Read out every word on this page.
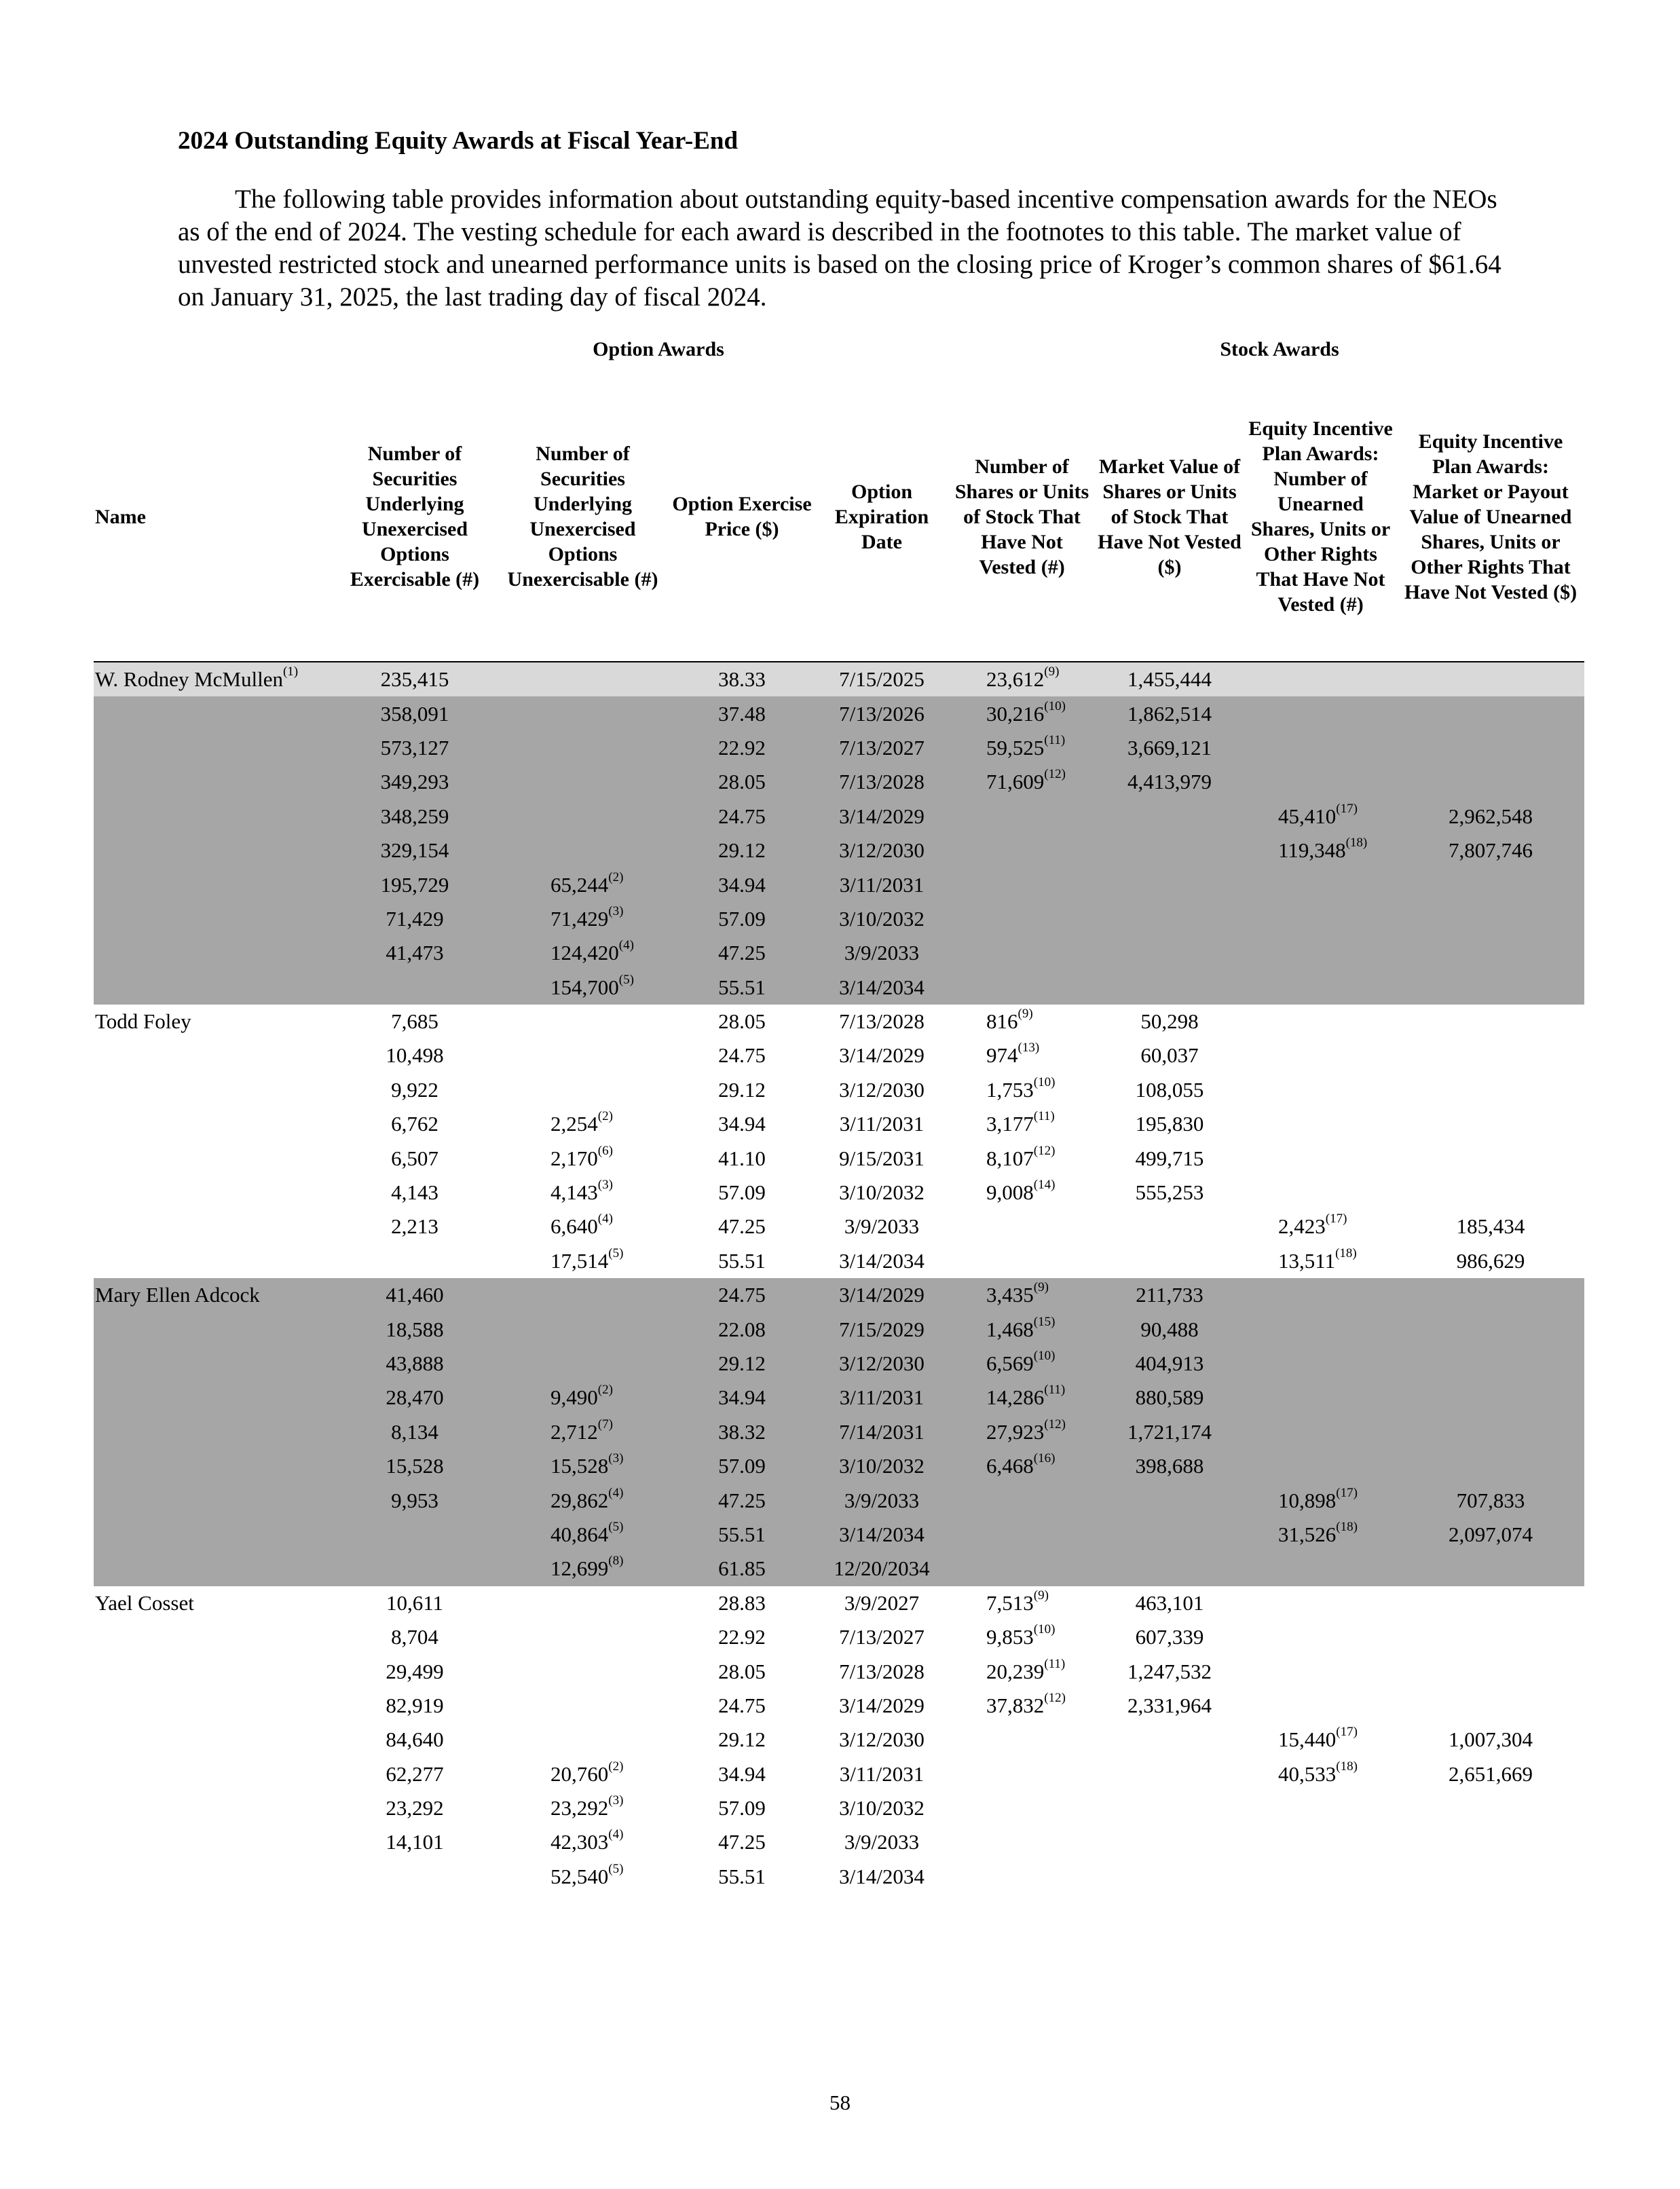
2024 Outstanding Equity Awards at Fiscal Year-End

The following table provides information about outstanding equity-based incentive compensation awards for the NEOs as of the end of 2024. The vesting schedule for each award is described in the footnotes to this table. The market value of unvested restricted stock and unearned performance units is based on the closing price of Kroger’s common shares of $61.64 on January 31, 2025, the last trading day of fiscal 2024.

Option Awards	Stock Awards
Name	Number of Securities Underlying Unexercised Options Exercisable (#)	Number of Securities Underlying Unexercised Options Unexercisable (#)	Option Exercise Price ($)	Option Expiration Date	Number of Shares or Units of Stock That Have Not Vested (#)	Market Value of Shares or Units of Stock That Have Not Vested ($)	Equity Incentive Plan Awards: Number of Unearned Shares, Units or Other Rights That Have Not Vested (#)	Equity Incentive Plan Awards: Market or Payout Value of Unearned Shares, Units or Other Rights That Have Not Vested ($)
W. Rodney McMullen$^{(1)}$	235,415		38.33	7/15/2025	23,612$^{(9)}$	1,455,444		
	358,091		37.48	7/13/2026	30,216$^{(10)}$	1,862,514		
	573,127		22.92	7/13/2027	59,525$^{(11)}$	3,669,121		
	349,293		28.05	7/13/2028	71,609$^{(12)}$	4,413,979		
	348,259		24.75	3/14/2029			45,410$^{(17)}$	2,962,548
	329,154		29.12	3/12/2030			119,348$^{(18)}$	7,807,746
	195,729	65,244$^{(2)}$	34.94	3/11/2031				
	71,429	71,429$^{(3)}$	57.09	3/10/2032				
	41,473	124,420$^{(4)}$	47.25	3/9/2033				
		154,700$^{(5)}$	55.51	3/14/2034				
Todd Foley	7,685		28.05	7/13/2028	816$^{(9)}$	50,298		
	10,498		24.75	3/14/2029	974$^{(13)}$	60,037		
	9,922		29.12	3/12/2030	1,753$^{(10)}$	108,055		
	6,762	2,254$^{(2)}$	34.94	3/11/2031	3,177$^{(11)}$	195,830		
	6,507	2,170$^{(6)}$	41.10	9/15/2031	8,107$^{(12)}$	499,715		
	4,143	4,143$^{(3)}$	57.09	3/10/2032	9,008$^{(14)}$	555,253		
	2,213	6,640$^{(4)}$	47.25	3/9/2033			2,423$^{(17)}$	185,434
		17,514$^{(5)}$	55.51	3/14/2034			13,511$^{(18)}$	986,629
Mary Ellen Adcock	41,460		24.75	3/14/2029	3,435$^{(9)}$	211,733		
	18,588		22.08	7/15/2029	1,468$^{(15)}$	90,488		
	43,888		29.12	3/12/2030	6,569$^{(10)}$	404,913		
	28,470	9,490$^{(2)}$	34.94	3/11/2031	14,286$^{(11)}$	880,589		
	8,134	2,712$^{(7)}$	38.32	7/14/2031	27,923$^{(12)}$	1,721,174		
	15,528	15,528$^{(3)}$	57.09	3/10/2032	6,468$^{(16)}$	398,688		
	9,953	29,862$^{(4)}$	47.25	3/9/2033			10,898$^{(17)}$	707,833
		40,864$^{(5)}$	55.51	3/14/2034			31,526$^{(18)}$	2,097,074
		12,699$^{(8)}$	61.85	12/20/2034				
Yael Cosset	10,611		28.83	3/9/2027	7,513$^{(9)}$	463,101		
	8,704		22.92	7/13/2027	9,853$^{(10)}$	607,339		
	29,499		28.05	7/13/2028	20,239$^{(11)}$	1,247,532		
	82,919		24.75	3/14/2029	37,832$^{(12)}$	2,331,964		
	84,640		29.12	3/12/2030			15,440$^{(17)}$	1,007,304
	62,277	20,760$^{(2)}$	34.94	3/11/2031			40,533$^{(18)}$	2,651,669
	23,292	23,292$^{(3)}$	57.09	3/10/2032				
	14,101	42,303$^{(4)}$	47.25	3/9/2033				
		52,540$^{(5)}$	55.51	3/14/2034				
58
